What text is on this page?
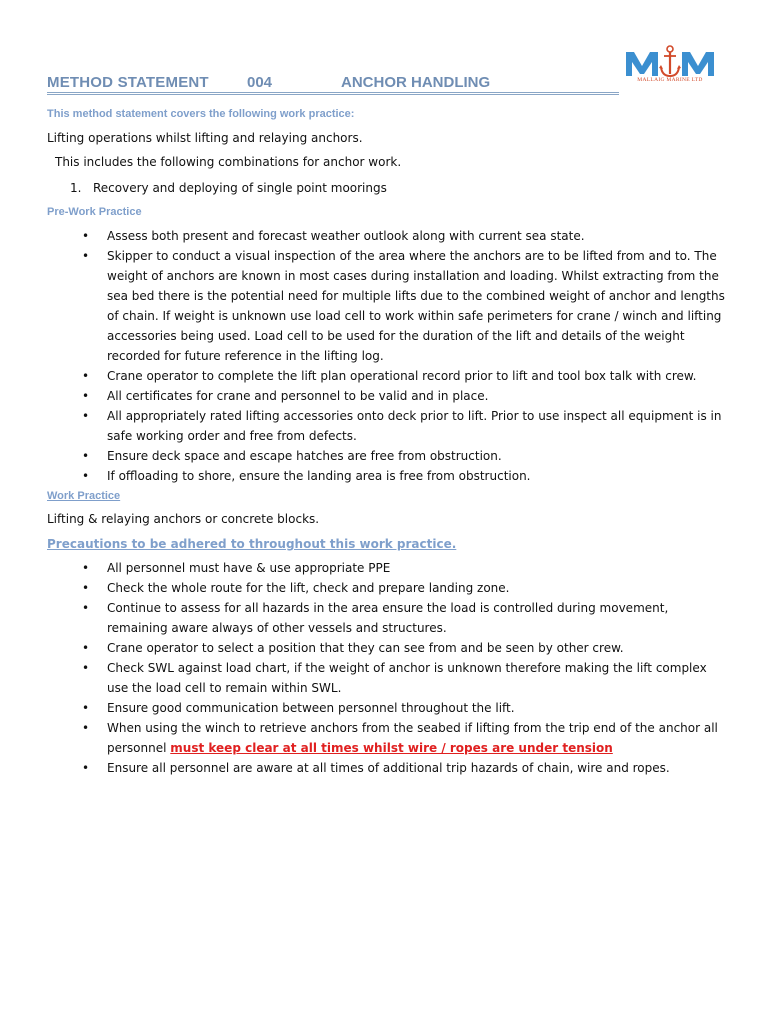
METHOD STATEMENT	004	ANCHOR HANDLING	MALLAIG MARINE LTD
This method statement covers the following work practice:
Lifting operations whilst lifting and relaying anchors.
This includes the following combinations for anchor work.
1. Recovery and deploying of single point moorings
Pre-Work Practice
• Assess both present and forecast weather outlook along with current sea state.
• Skipper to conduct a visual inspection of the area where the anchors are to be lifted from and to. The weight of anchors are known in most cases during installation and loading. Whilst extracting from the sea bed there is the potential need for multiple lifts due to the combined weight of anchor and lengths of chain. If weight is unknown use load cell to work within safe perimeters for crane / winch and lifting accessories being used. Load cell to be used for the duration of the lift and details of the weight recorded for future reference in the lifting log.
• Crane operator to complete the lift plan operational record prior to lift and tool box talk with crew.
• All certificates for crane and personnel to be valid and in place.
• All appropriately rated lifting accessories onto deck prior to lift. Prior to use inspect all equipment is in safe working order and free from defects.
• Ensure deck space and escape hatches are free from obstruction.
• If offloading to shore, ensure the landing area is free from obstruction.
Work Practice
Lifting & relaying anchors or concrete blocks.
Precautions to be adhered to throughout this work practice.
• All personnel must have & use appropriate PPE
• Check the whole route for the lift, check and prepare landing zone.
• Continue to assess for all hazards in the area ensure the load is controlled during movement, remaining aware always of other vessels and structures.
• Crane operator to select a position that they can see from and be seen by other crew.
• Check SWL against load chart, if the weight of anchor is unknown therefore making the lift complex use the load cell to remain within SWL.
• Ensure good communication between personnel throughout the lift.
• When using the winch to retrieve anchors from the seabed if lifting from the trip end of the anchor all personnel must keep clear at all times whilst wire / ropes are under tension
• Ensure all personnel are aware at all times of additional trip hazards of chain, wire and ropes.
